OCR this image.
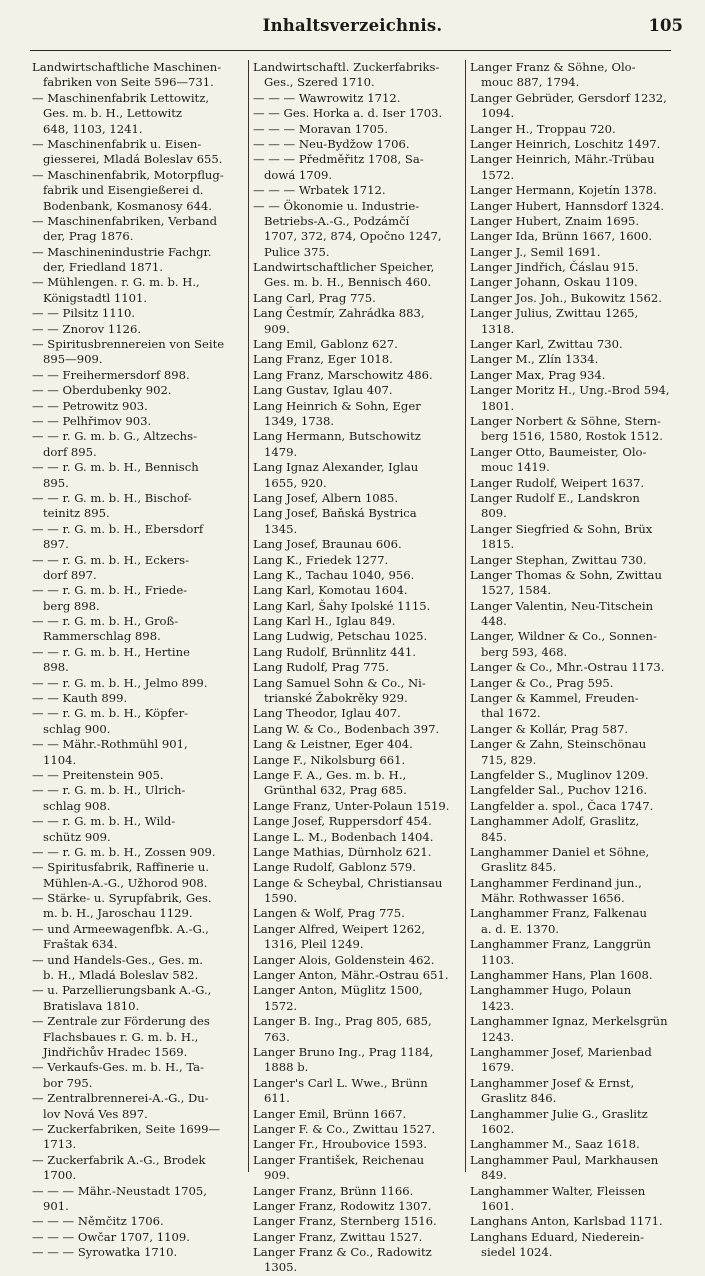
Inhaltsverzeichnis.	105
Landwirtschaftliche Maschinen-
fabriken von Seite 596—731.
— Maschinenfabrik Lettowitz,
Ges. m. b. H., Lettowitz
648, 1103, 1241.
— Maschinenfabrik u. Eisen-
giesserei, Mladá Boleslav 655.
— Maschinenfabrik, Motorpflug-
fabrik und Eisengießerei d.
Bodenbank, Kosmanosy 644.
— Maschinenfabriken, Verband
der, Prag 1876.
— Maschinenindustrie Fachgr.
der, Friedland 1871.
— Mühlengen. r. G. m. b. H.,
Königstadtl 1101.
— — Pilsitz 1110.
— — Znorov 1126.
— Spiritusbrennereien von Seite
895—909.
— — Freihermersdorf 898.
— — Oberdubenky 902.
— — Petrowitz 903.
— — Pelhřimov 903.
— — r. G. m. b. G., Altzechs-
dorf 895.
— — r. G. m. b. H., Bennisch
895.
— — r. G. m. b. H., Bischof-
teinitz 895.
— — r. G. m. b. H., Ebersdorf
897.
— — r. G. m. b. H., Eckers-
dorf 897.
— — r. G. m. b. H., Friede-
berg 898.
— — r. G. m. b. H., Groß-
Rammerschlag 898.
— — r. G. m. b. H., Hertine
898.
— — r. G. m. b. H., Jelmo 899.
— — Kauth 899.
— — r. G. m. b. H., Köpfer-
schlag 900.
— — Mähr.-Rothmühl 901,
1104.
— — Preitenstein 905.
— — r. G. m. b. H., Ulrich-
schlag 908.
— — r. G. m. b. H., Wild-
schütz 909.
— — r. G. m. b. H., Zossen 909.
— Spiritusfabrik, Raffinerie u.
Mühlen-A.-G., Užhorod 908.
— Stärke- u. Syrupfabrik, Ges.
m. b. H., Jaroschau 1129.
— und Armeewagenfbk. A.-G.,
Fraštak 634.
— und Handels-Ges., Ges. m.
b. H., Mladá Boleslav 582.
— u. Parzellierungsbank A.-G.,
Bratislava 1810.
— Zentrale zur Förderung des
Flachsbaues r. G. m. b. H.,
Jindřichův Hradec 1569.
— Verkaufs-Ges. m. b. H., Ta-
bor 795.
— Zentralbrennerei-A.-G., Du-
lov Nová Ves 897.
— Zuckerfabriken, Seite 1699—
1713.
— Zuckerfabrik A.-G., Brodek
1700.
— — — Mähr.-Neustadt 1705,
901.
— — — Němčitz 1706.
— — — Owčar 1707, 1109.
— — — Syrowatka 1710.
Landwirtschaftl. Zuckerfabriks-
Ges., Szered 1710.
— — — Wawrowitz 1712.
— — Ges. Horka a. d. Iser 1703.
— — — Moravan 1705.
— — — Neu-Bydžow 1706.
— — — Předměřitz 1708, Sa-
dowá 1709.
— — — Wrbatek 1712.
— — Ökonomie u. Industrie-
Betriebs-A.-G., Podzámčí
1707, 372, 874, Opočno 1247,
Pulice 375.
Landwirtschaftlicher Speicher,
Ges. m. b. H., Bennisch 460.
Lang Carl, Prag 775.
Lang Čestmír, Zahrádka 883,
909.
Lang Emil, Gablonz 627.
Lang Franz, Eger 1018.
Lang Franz, Marschowitz 486.
Lang Gustav, Iglau 407.
Lang Heinrich & Sohn, Eger
1349, 1738.
Lang Hermann, Butschowitz
1479.
Lang Ignaz Alexander, Iglau
1655, 920.
Lang Josef, Albern 1085.
Lang Josef, Baňská Bystrica
1345.
Lang Josef, Braunau 606.
Lang K., Friedek 1277.
Lang K., Tachau 1040, 956.
Lang Karl, Komotau 1604.
Lang Karl, Šahy Ipolské 1115.
Lang Karl H., Iglau 849.
Lang Ludwig, Petschau 1025.
Lang Rudolf, Brünnlitz 441.
Lang Rudolf, Prag 775.
Lang Samuel Sohn & Co., Ni-
trianské Žabokrěky 929.
Lang Theodor, Iglau 407.
Lang W. & Co., Bodenbach 397.
Lang & Leistner, Eger 404.
Lange F., Nikolsburg 661.
Lange F. A., Ges. m. b. H.,
Grünthal 632, Prag 685.
Lange Franz, Unter-Polaun 1519.
Lange Josef, Ruppersdorf 454.
Lange L. M., Bodenbach 1404.
Lange Mathias, Dürnholz 621.
Lange Rudolf, Gablonz 579.
Lange & Scheybal, Christiansau
1590.
Langen & Wolf, Prag 775.
Langer Alfred, Weipert 1262,
1316, Pleil 1249.
Langer Alois, Goldenstein 462.
Langer Anton, Mähr.-Ostrau 651.
Langer Anton, Müglitz 1500,
1572.
Langer B. Ing., Prag 805, 685,
763.
Langer Bruno Ing., Prag 1184,
1888 b.
Langer's Carl L. Wwe., Brünn
611.
Langer Emil, Brünn 1667.
Langer F. & Co., Zwittau 1527.
Langer Fr., Hroubovice 1593.
Langer František, Reichenau
909.
Langer Franz, Brünn 1166.
Langer Franz, Rodowitz 1307.
Langer Franz, Sternberg 1516.
Langer Franz, Zwittau 1527.
Langer Franz & Co., Radowitz
1305.
Langer Franz & Söhne, Olo-
mouc 887, 1794.
Langer Gebrüder, Gersdorf 1232,
1094.
Langer H., Troppau 720.
Langer Heinrich, Loschitz 1497.
Langer Heinrich, Mähr.-Trübau
1572.
Langer Hermann, Kojetín 1378.
Langer Hubert, Hannsdorf 1324.
Langer Hubert, Znaim 1695.
Langer Ida, Brünn 1667, 1600.
Langer J., Semil 1691.
Langer Jindřich, Čáslau 915.
Langer Johann, Oskau 1109.
Langer Jos. Joh., Bukowitz 1562.
Langer Julius, Zwittau 1265,
1318.
Langer Karl, Zwittau 730.
Langer M., Zlín 1334.
Langer Max, Prag 934.
Langer Moritz H., Ung.-Brod 594,
1801.
Langer Norbert & Söhne, Stern-
berg 1516, 1580, Rostok 1512.
Langer Otto, Baumeister, Olo-
mouc 1419.
Langer Rudolf, Weipert 1637.
Langer Rudolf E., Landskron
809.
Langer Siegfried & Sohn, Brüx
1815.
Langer Stephan, Zwittau 730.
Langer Thomas & Sohn, Zwittau
1527, 1584.
Langer Valentin, Neu-Titschein
448.
Langer, Wildner & Co., Sonnen-
berg 593, 468.
Langer & Co., Mhr.-Ostrau 1173.
Langer & Co., Prag 595.
Langer & Kammel, Freuden-
thal 1672.
Langer & Kollár, Prag 587.
Langer & Zahn, Steinschönau
715, 829.
Langfelder S., Muglinov 1209.
Langfelder Sal., Puchov 1216.
Langfelder a. spol., Čaca 1747.
Langhammer Adolf, Graslitz,
845.
Langhammer Daniel et Söhne,
Graslitz 845.
Langhammer Ferdinand jun.,
Mähr. Rothwasser 1656.
Langhammer Franz, Falkenau
a. d. E. 1370.
Langhammer Franz, Langgrün
1103.
Langhammer Hans, Plan 1608.
Langhammer Hugo, Polaun
1423.
Langhammer Ignaz, Merkelsgrün
1243.
Langhammer Josef, Marienbad
1679.
Langhammer Josef & Ernst,
Graslitz 846.
Langhammer Julie G., Graslitz
1602.
Langhammer M., Saaz 1618.
Langhammer Paul, Markhausen
849.
Langhammer Walter, Fleissen
1601.
Langhans Anton, Karlsbad 1171.
Langhans Eduard, Niederein-
siedel 1024.
